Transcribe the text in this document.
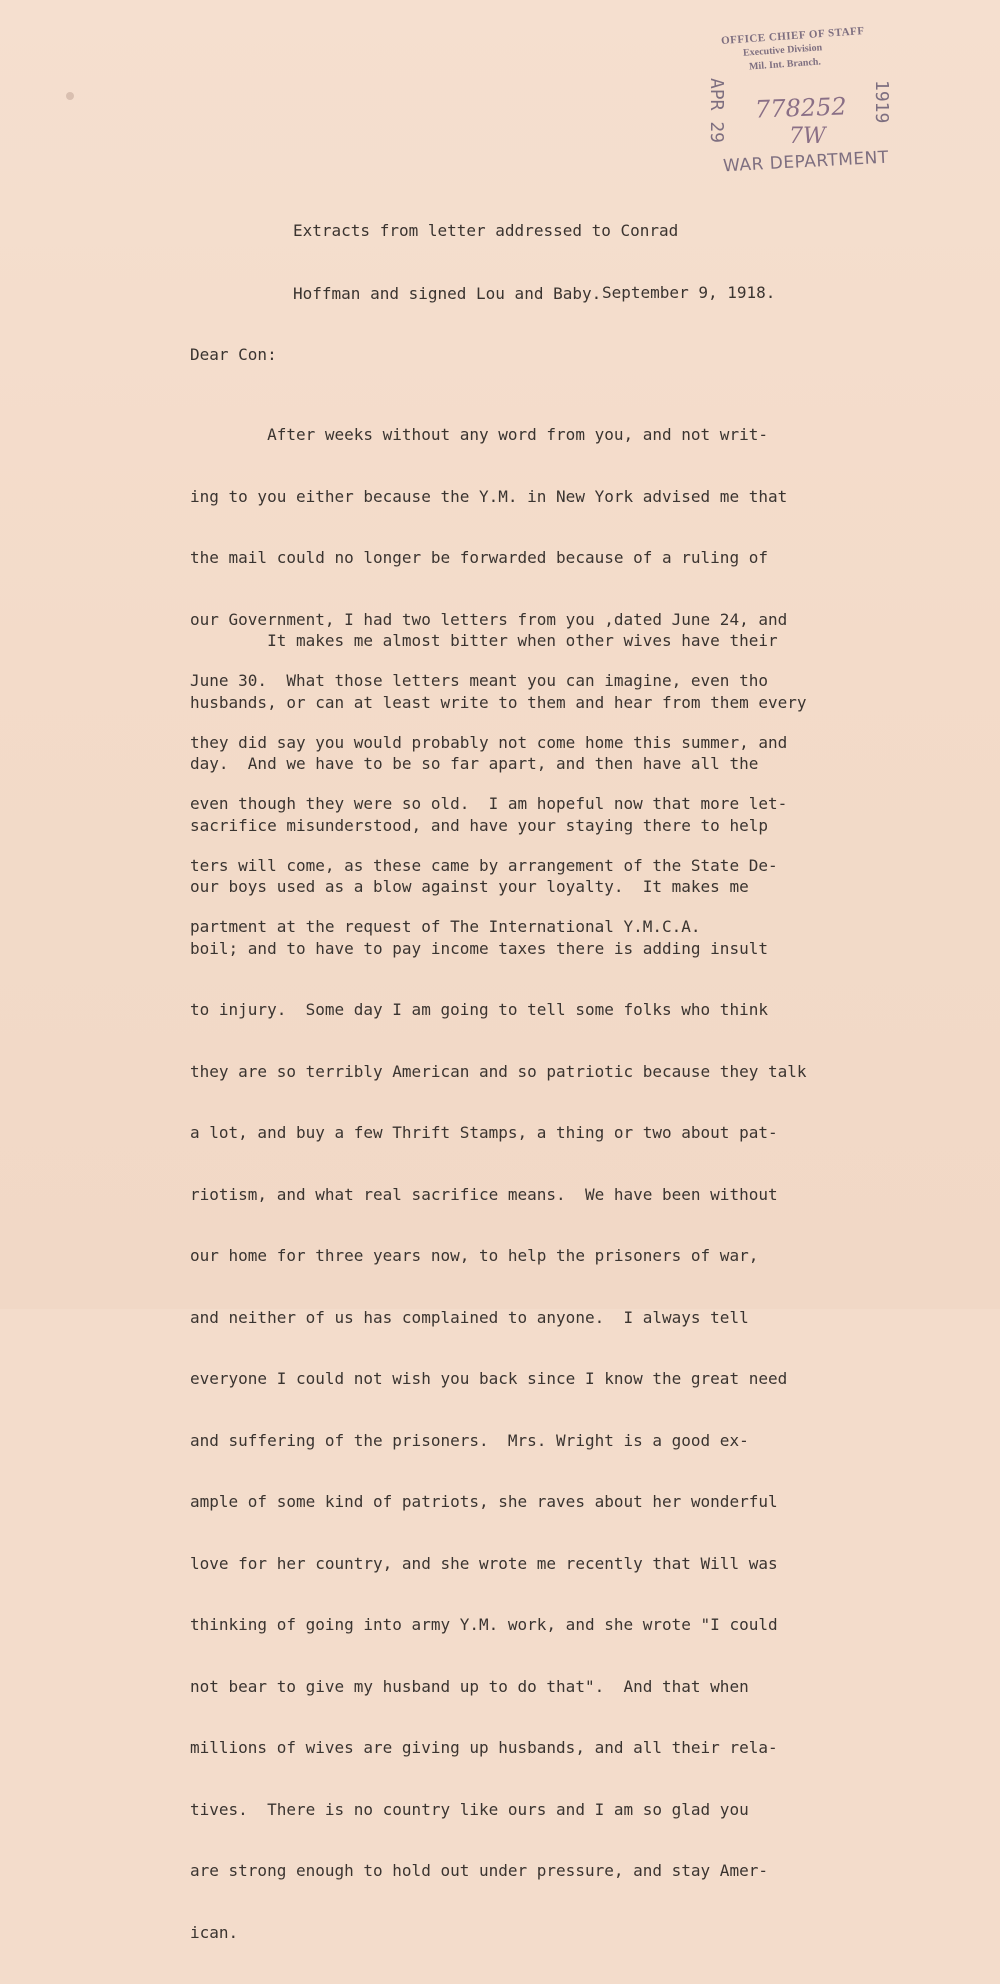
OFFICE CHIEF OF STAFF
Executive Division
Mil. Int. Branch.
APR 29 778252 1919
7W
WAR DEPARTMENT

Extracts from letter addressed to Conrad

Hoffman and signed Lou and Baby.

September 9, 1918.
Dear Con:

After weeks without any word from you, and not writ-

ing to you either because the Y.M. in New York advised me that

the mail could no longer be forwarded because of a ruling of

our Government, I had two letters from you ,dated June 24, and

June 30.  What those letters meant you can imagine, even tho

they did say you would probably not come home this summer, and

even though they were so old.  I am hopeful now that more let-

ters will come, as these came by arrangement of the State De-

partment at the request of The International Y.M.C.A.

It makes me almost bitter when other wives have their

husbands, or can at least write to them and hear from them every

day.  And we have to be so far apart, and then have all the

sacrifice misunderstood, and have your staying there to help

our boys used as a blow against your loyalty.  It makes me

boil; and to have to pay income taxes there is adding insult

to injury.  Some day I am going to tell some folks who think

they are so terribly American and so patriotic because they talk

a lot, and buy a few Thrift Stamps, a thing or two about pat-

riotism, and what real sacrifice means.  We have been without

our home for three years now, to help the prisoners of war,

and neither of us has complained to anyone.  I always tell

everyone I could not wish you back since I know the great need

and suffering of the prisoners.  Mrs. Wright is a good ex-

ample of some kind of patriots, she raves about her wonderful

love for her country, and she wrote me recently that Will was

thinking of going into army Y.M. work, and she wrote "I could

not bear to give my husband up to do that".  And that when

millions of wives are giving up husbands, and all their rela-

tives.  There is no country like ours and I am so glad you

are strong enough to hold out under pressure, and stay Amer-

ican.
